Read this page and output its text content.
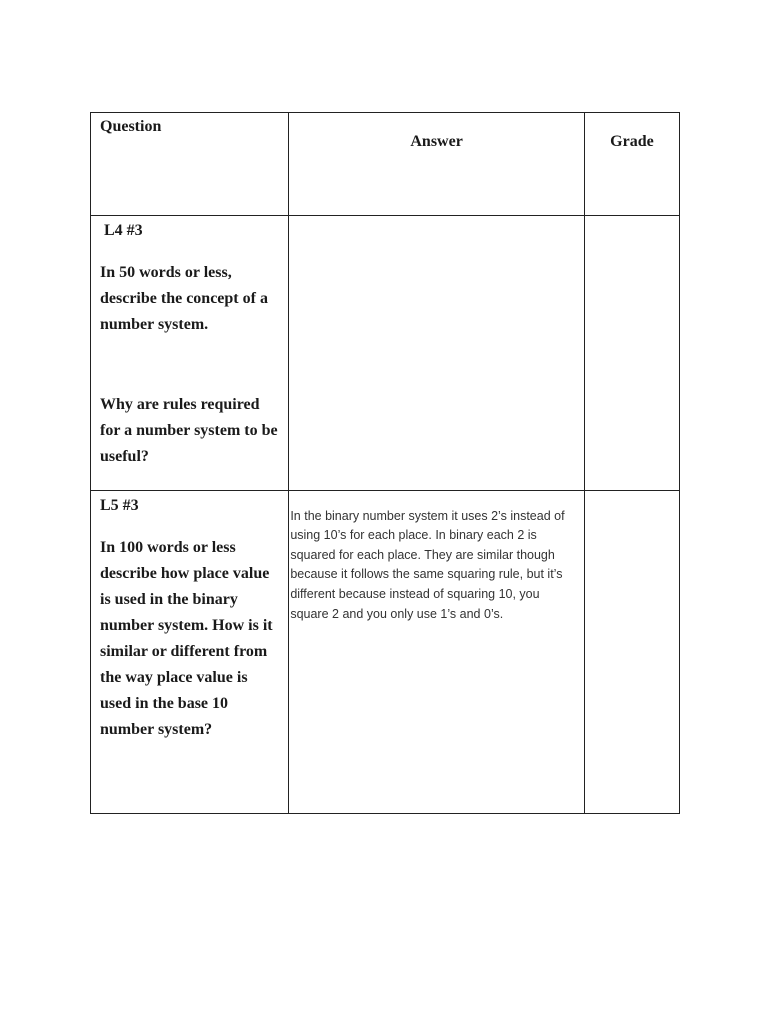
Question	Answer	Grade

L4 #3
In 50 words or less, describe the concept of a number system.
Why are rules required for a number system to be useful?		

L5 #3
In 100 words or less describe how place value is used in the binary number system. How is it similar or different from the way place value is used in the base 10 number system?	In the binary number system it uses 2’s instead of using 10’s for each place. In binary each 2 is squared for each place. They are similar though because it follows the same squaring rule, but it’s different because instead of squaring 10, you square 2 and you only use 1’s and 0’s.	
